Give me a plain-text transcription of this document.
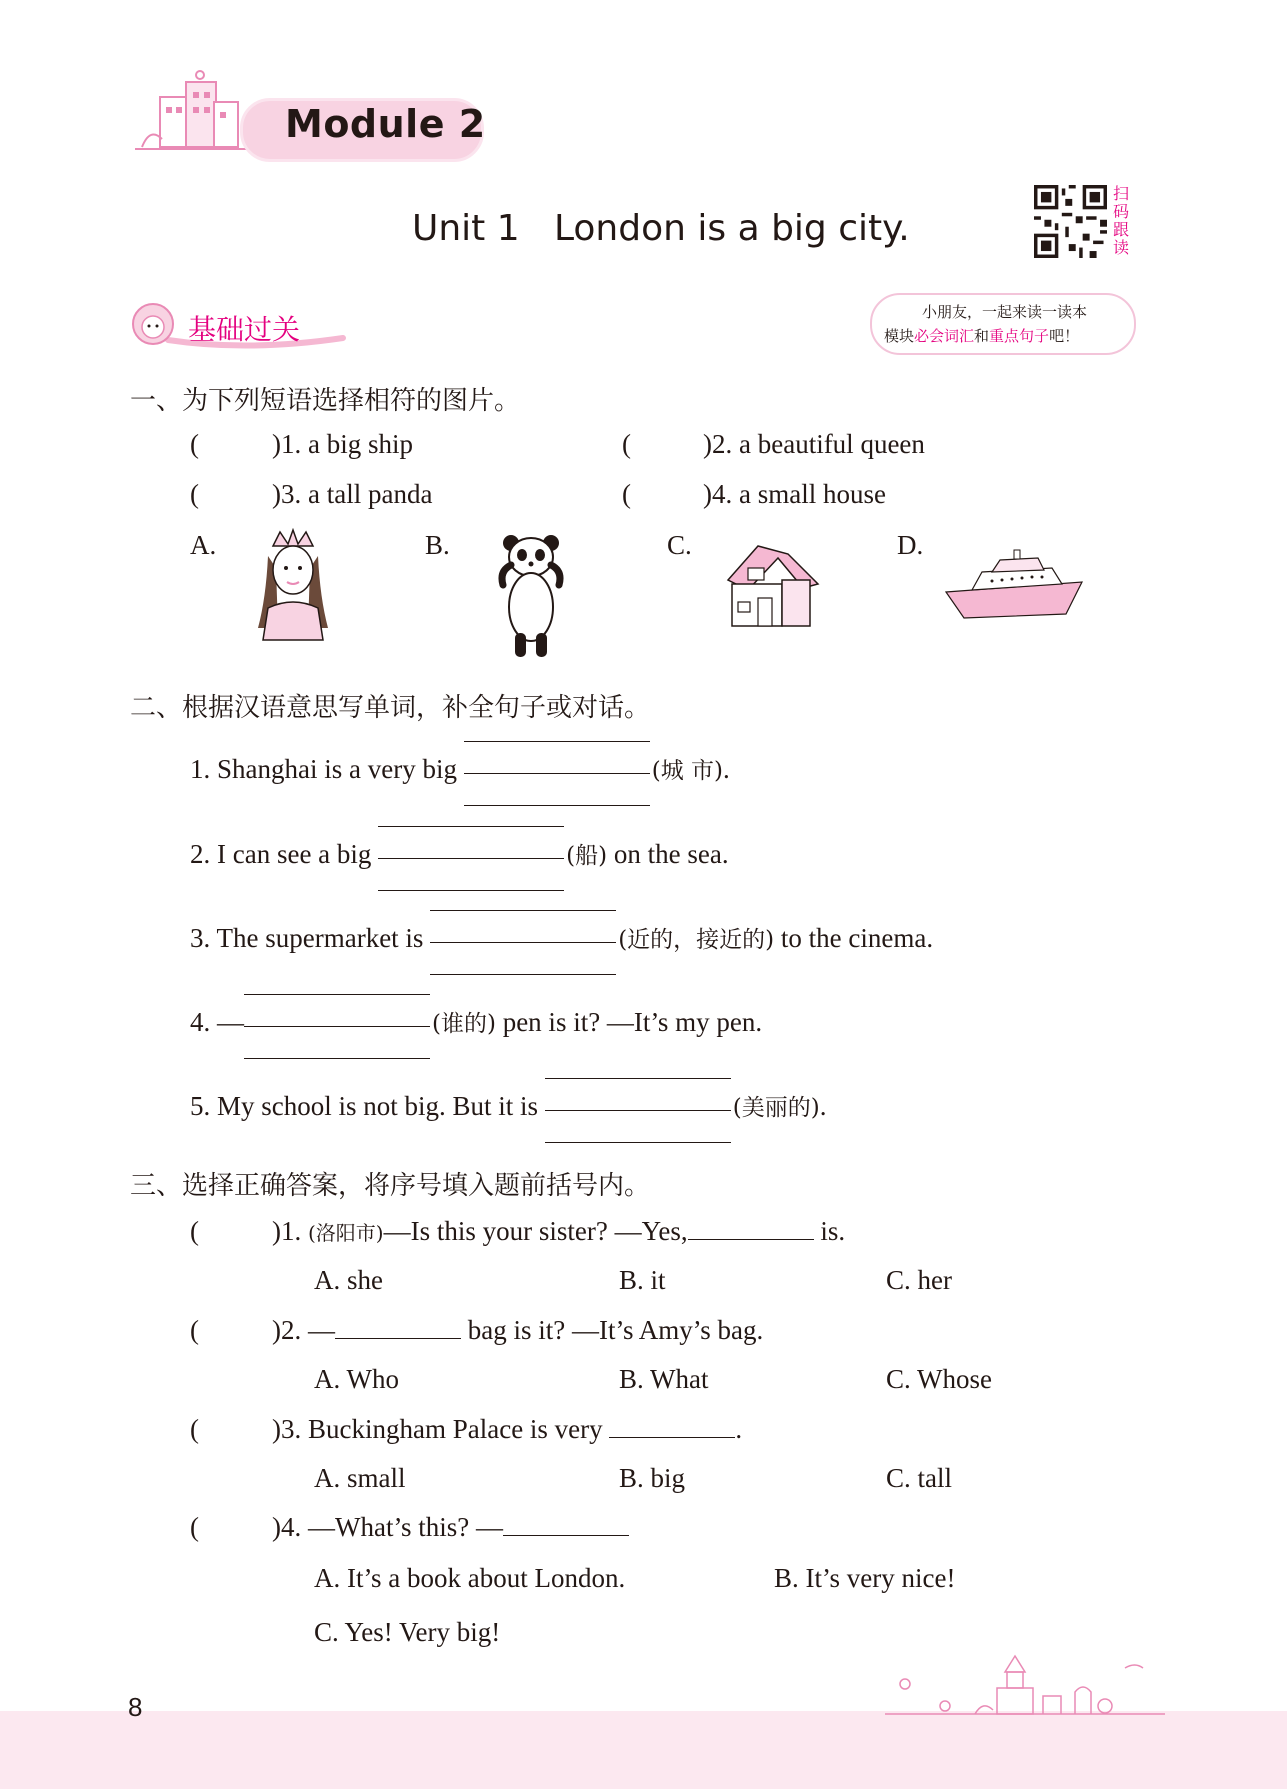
Module 2
Unit 1   London is a big city.
扫码跟读
小朋友，一起来读一读本
模块必会词汇和重点句子吧！
基础过关
一、为下列短语选择相符的图片。
(	)1. a big ship	(	)2. a beautiful queen
(	)3. a tall panda	(	)4. a small house
A.	B.	C.	D.
二、根据汉语意思写单词，补全句子或对话。
1. Shanghai is a very big	(城 市).
2. I can see a big	(船) on the sea.
3. The supermarket is	(近的，接近的) to the cinema.
4. —	(谁的) pen is it? —It’s my pen.
5. My school is not big. But it is	(美丽的).
三、选择正确答案，将序号填入题前括号内。
(	)1. (洛阳市)—Is this your sister? —Yes,	is.
A. she	B. it	C. her
(	)2. —	bag is it? —It’s Amy’s bag.
A. Who	B. What	C. Whose
(	)3. Buckingham Palace is very	.
A. small	B. big	C. tall
(	)4. —What’s this? —
A. It’s a book about London.	B. It’s very nice!
C. Yes! Very big!
8
